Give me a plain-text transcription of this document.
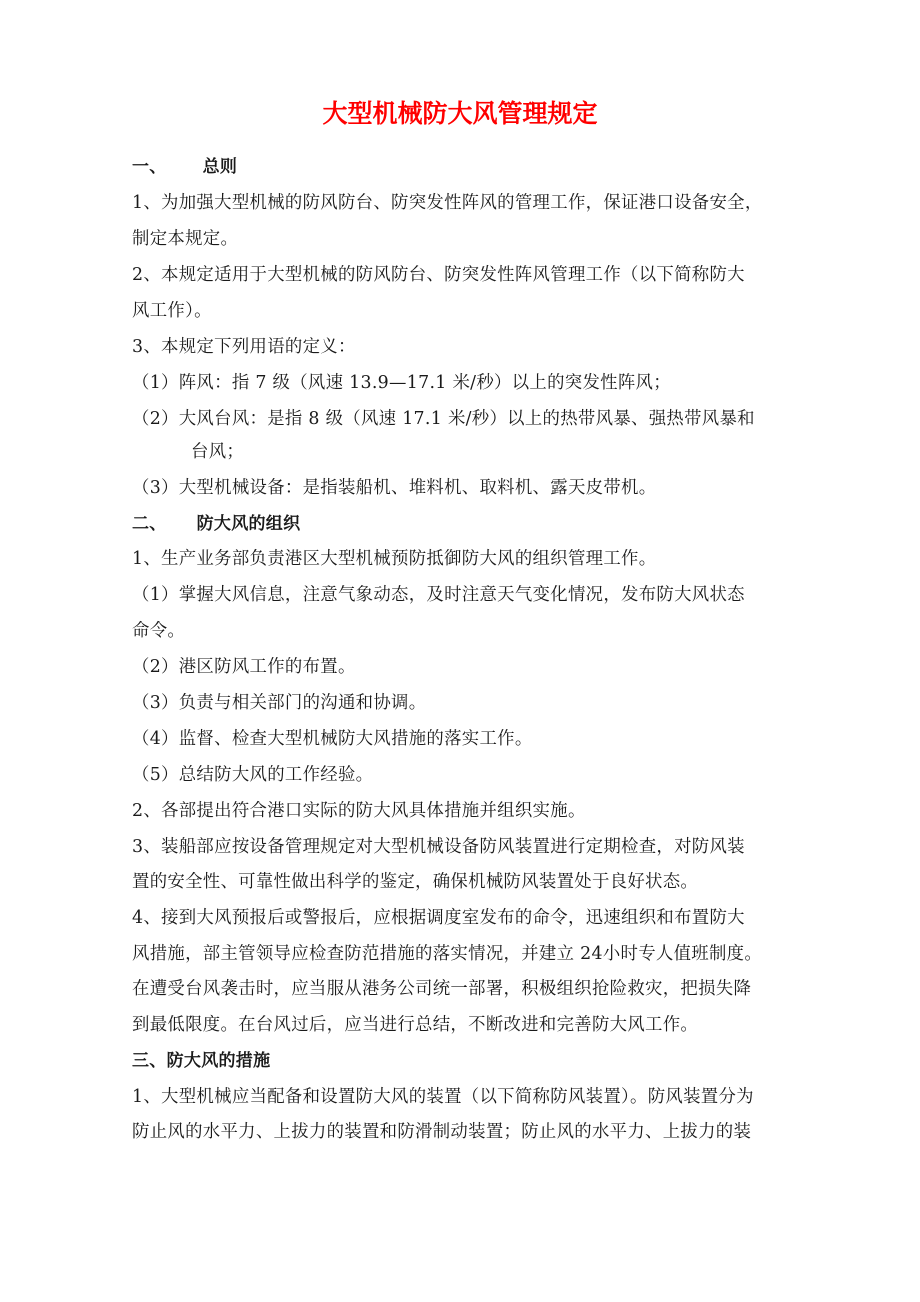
大型机械防大风管理规定
一、 总则
1、为加强大型机械的防风防台、防突发性阵风的管理工作，保证港口设备安全，
制定本规定。
2、本规定适用于大型机械的防风防台、防突发性阵风管理工作（以下简称防大
风工作）。
3、本规定下列用语的定义：
（1）阵风：指 7 级（风速 13.9—17.1 米/秒）以上的突发性阵风；
（2）大风台风：是指 8 级（风速 17.1 米/秒）以上的热带风暴、强热带风暴和
台风；
（3）大型机械设备：是指装船机、堆料机、取料机、露天皮带机。
二、 防大风的组织
1、生产业务部负责港区大型机械预防抵御防大风的组织管理工作。
（1）掌握大风信息，注意气象动态，及时注意天气变化情况，发布防大风状态
命令。
（2）港区防风工作的布置。
（3）负责与相关部门的沟通和协调。
（4）监督、检查大型机械防大风措施的落实工作。
（5）总结防大风的工作经验。
2、各部提出符合港口实际的防大风具体措施并组织实施。
3、装船部应按设备管理规定对大型机械设备防风装置进行定期检查，对防风装
置的安全性、可靠性做出科学的鉴定，确保机械防风装置处于良好状态。
4、接到大风预报后或警报后，应根据调度室发布的命令，迅速组织和布置防大
风措施，部主管领导应检查防范措施的落实情况，并建立 24小时专人值班制度。
在遭受台风袭击时，应当服从港务公司统一部署，积极组织抢险救灾，把损失降
到最低限度。在台风过后，应当进行总结，不断改进和完善防大风工作。
三、防大风的措施
1、大型机械应当配备和设置防大风的装置（以下简称防风装置）。防风装置分为
防止风的水平力、上拔力的装置和防滑制动装置；防止风的水平力、上拔力的装
